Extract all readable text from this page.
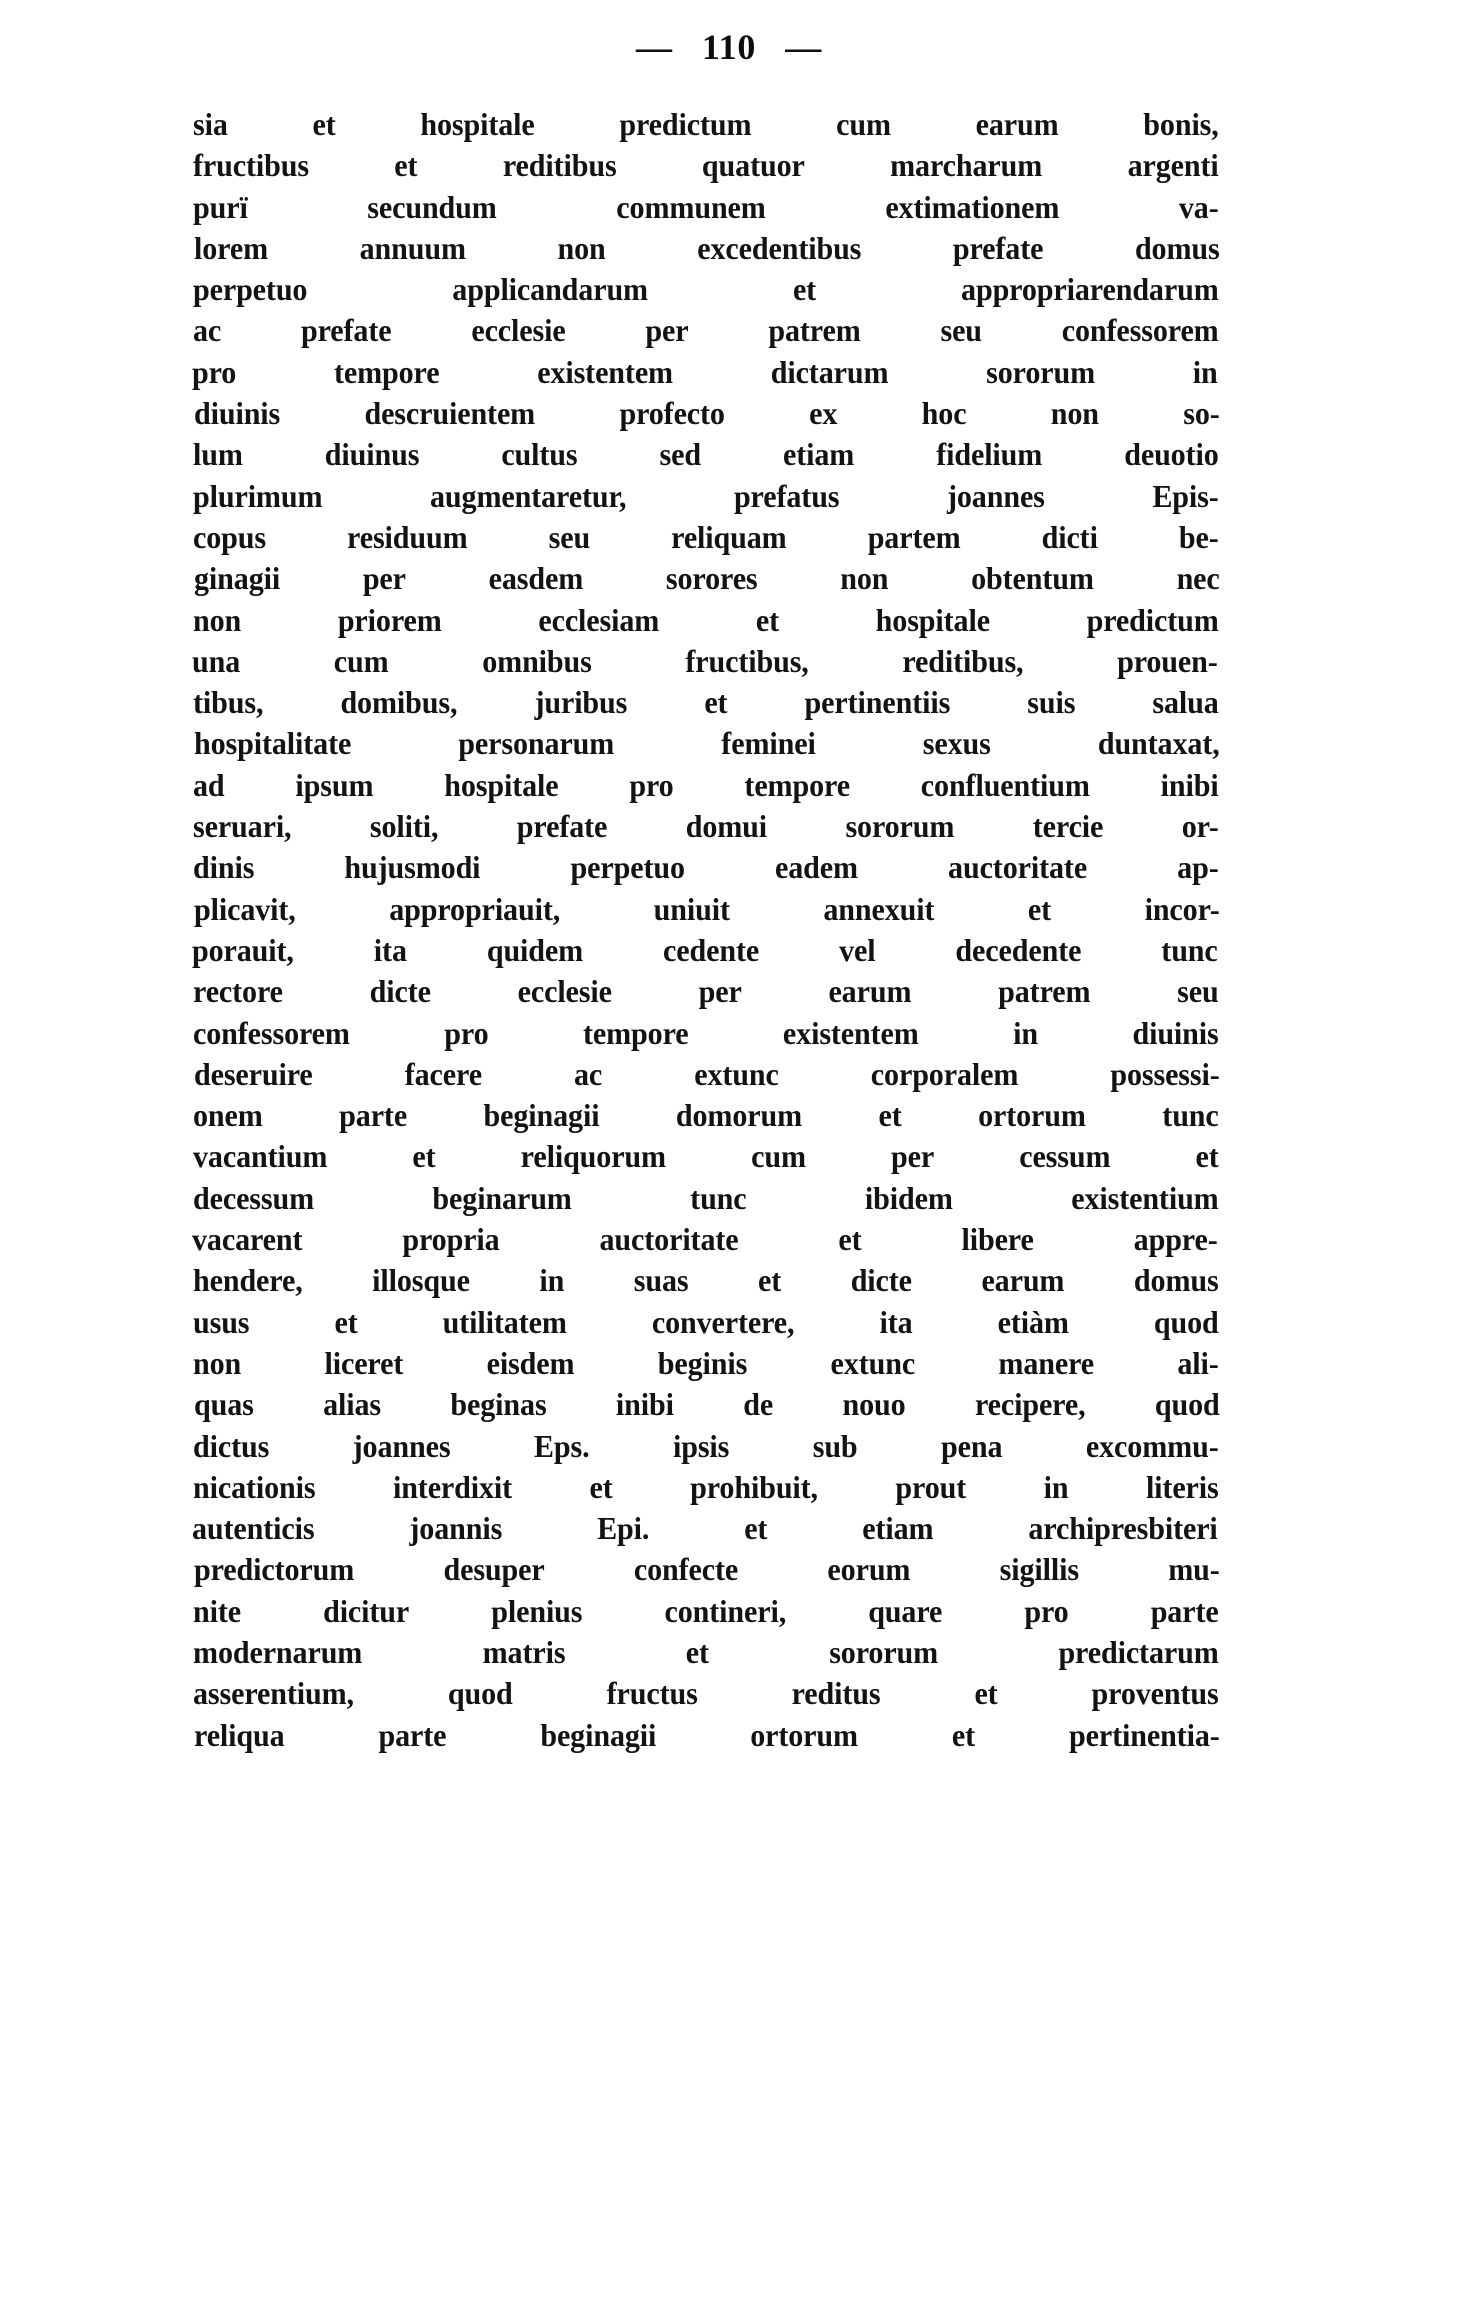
—   110   —
sia	et	hospitale	predictum	cum	earum	bonis,
fructibus	et	reditibus	quatuor	marcharum	argenti
purï	secundum	communem	extimationem	va-
lorem	annuum	non	excedentibus	prefate	domus
perpetuo	applicandarum	et	appropriarendarum
ac	prefate	ecclesie	per	patrem	seu	confessorem
pro	tempore	existentem	dictarum	sororum	in
diuinis	descruientem	profecto	ex	hoc	non	so-
lum	diuinus	cultus	sed	etiam	fidelium	deuotio
plurimum	augmentaretur,	prefatus	joannes	Epis-
copus	residuum	seu	reliquam	partem	dicti	be-
ginagii	per	easdem	sorores	non	obtentum	nec
non	priorem	ecclesiam	et	hospitale	predictum
una	cum	omnibus	fructibus,	reditibus,	prouen-
tibus, domibus, juribus et pertinentiis suis salua
hospitalitate	personarum	feminei	sexus	duntaxat,
ad ipsum hospitale pro tempore confluentium inibi
seruari, soliti, prefate domui sororum tercie or-
dinis	hujusmodi	perpetuo	eadem	auctoritate	ap-
plicavit,	appropriauit,	uniuit	annexuit	et	incor-
porauit,	ita	quidem	cedente	vel	decedente	tunc
rectore	dicte	ecclesie	per	earum	patrem	seu
confessorem	pro	tempore	existentem	in	diuinis
deseruire	facere	ac	extunc	corporalem	possessi-
onem parte beginagii domorum et ortorum tunc
vacantium	et	reliquorum	cum	per	cessum	et
decessum	beginarum	tunc	ibidem	existentium
vacarent	propria	auctoritate	et	libere	appre-
hendere, illosque in suas et dicte earum domus
usus	et	utilitatem	convertere,	ita	etiàm	quod
non	liceret	eisdem	beginis	extunc	manere	ali-
quas alias beginas inibi de nouo recipere, quod
dictus	joannes	Eps.	ipsis	sub	pena	excommu-
nicationis interdixit et prohibuit, prout in literis
autenticis	joannis	Epi.	et	etiam	archipresbiteri
predictorum	desuper	confecte	eorum	sigillis	mu-
nite	dicitur	plenius	contineri,	quare	pro	parte
modernarum	matris	et	sororum	predictarum
asserentium,	quod	fructus	reditus	et	proventus
reliqua	parte	beginagii	ortorum	et	pertinentia-
